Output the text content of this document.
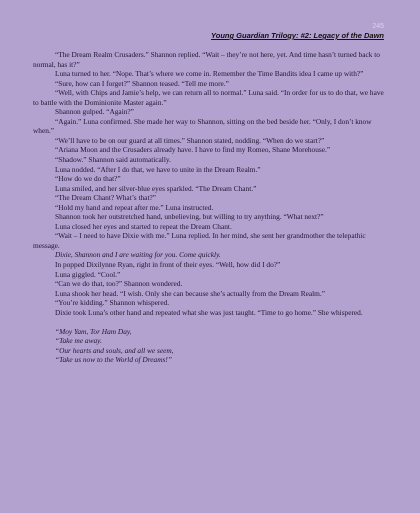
245
Young Guardian Trilogy: #2: Legacy of the Dawn

“The Dream Realm Crusaders.” Shannon replied. “Wait – they’re not here, yet. And time hasn’t turned back to normal, has it?”

Luna turned to her. “Nope. That’s where we come in. Remember the Time Bandits idea I came up with?”

“Sure, how can I forget?” Shannon teased. “Tell me more.”

“Well, with Chips and Jamie’s help, we can return all to normal.” Luna said. “In order for us to do that, we have to battle with the Dominionite Master again.”

Shannon gulped. “Again?”

“Again.” Luna confirmed. She made her way to Shannon, sitting on the bed beside her. “Only, I don’t know when.”

“We’ll have to be on our guard at all times.” Shannon stated, nodding. “When do we start?”

“Ariana Moon and the Crusaders already have. I have to find my Romeo, Shane Morehouse.”

“Shadow.” Shannon said automatically.

Luna nodded. “After I do that, we have to unite in the Dream Realm.”

“How do we do that?”

Luna smiled, and her silver-blue eyes sparkled. “The Dream Chant.”

“The Dream Chant? What’s that?”

“Hold my hand and repeat after me.” Luna instructed.

Shannon took her outstretched hand, unbelieving, but willing to try anything. “What next?”

Luna closed her eyes and started to repeat the Dream Chant.

“Wait – I need to have Dixie with me.” Luna replied. In her mind, she sent her grandmother the telepathic message.

Dixie, Shannon and I are waiting for you. Come quickly.

In popped Dixilynne Ryan, right in front of their eyes. “Well, how did I do?”

Luna giggled. “Cool.”

“Can we do that, too?” Shannon wondered.

Luna shook her head. “I wish. Only she can because she’s actually from the Dream Realm.”

“You’re kidding.” Shannon whispered.

Dixie took Luna’s other hand and repeated what she was just taught. “Time to go home.” She whispered.

“Moy Yam, Tor Ham Day,
“Take me away.
“Our hearts and souls, and all we seem,
“Take us now to the World of Dreams!”
